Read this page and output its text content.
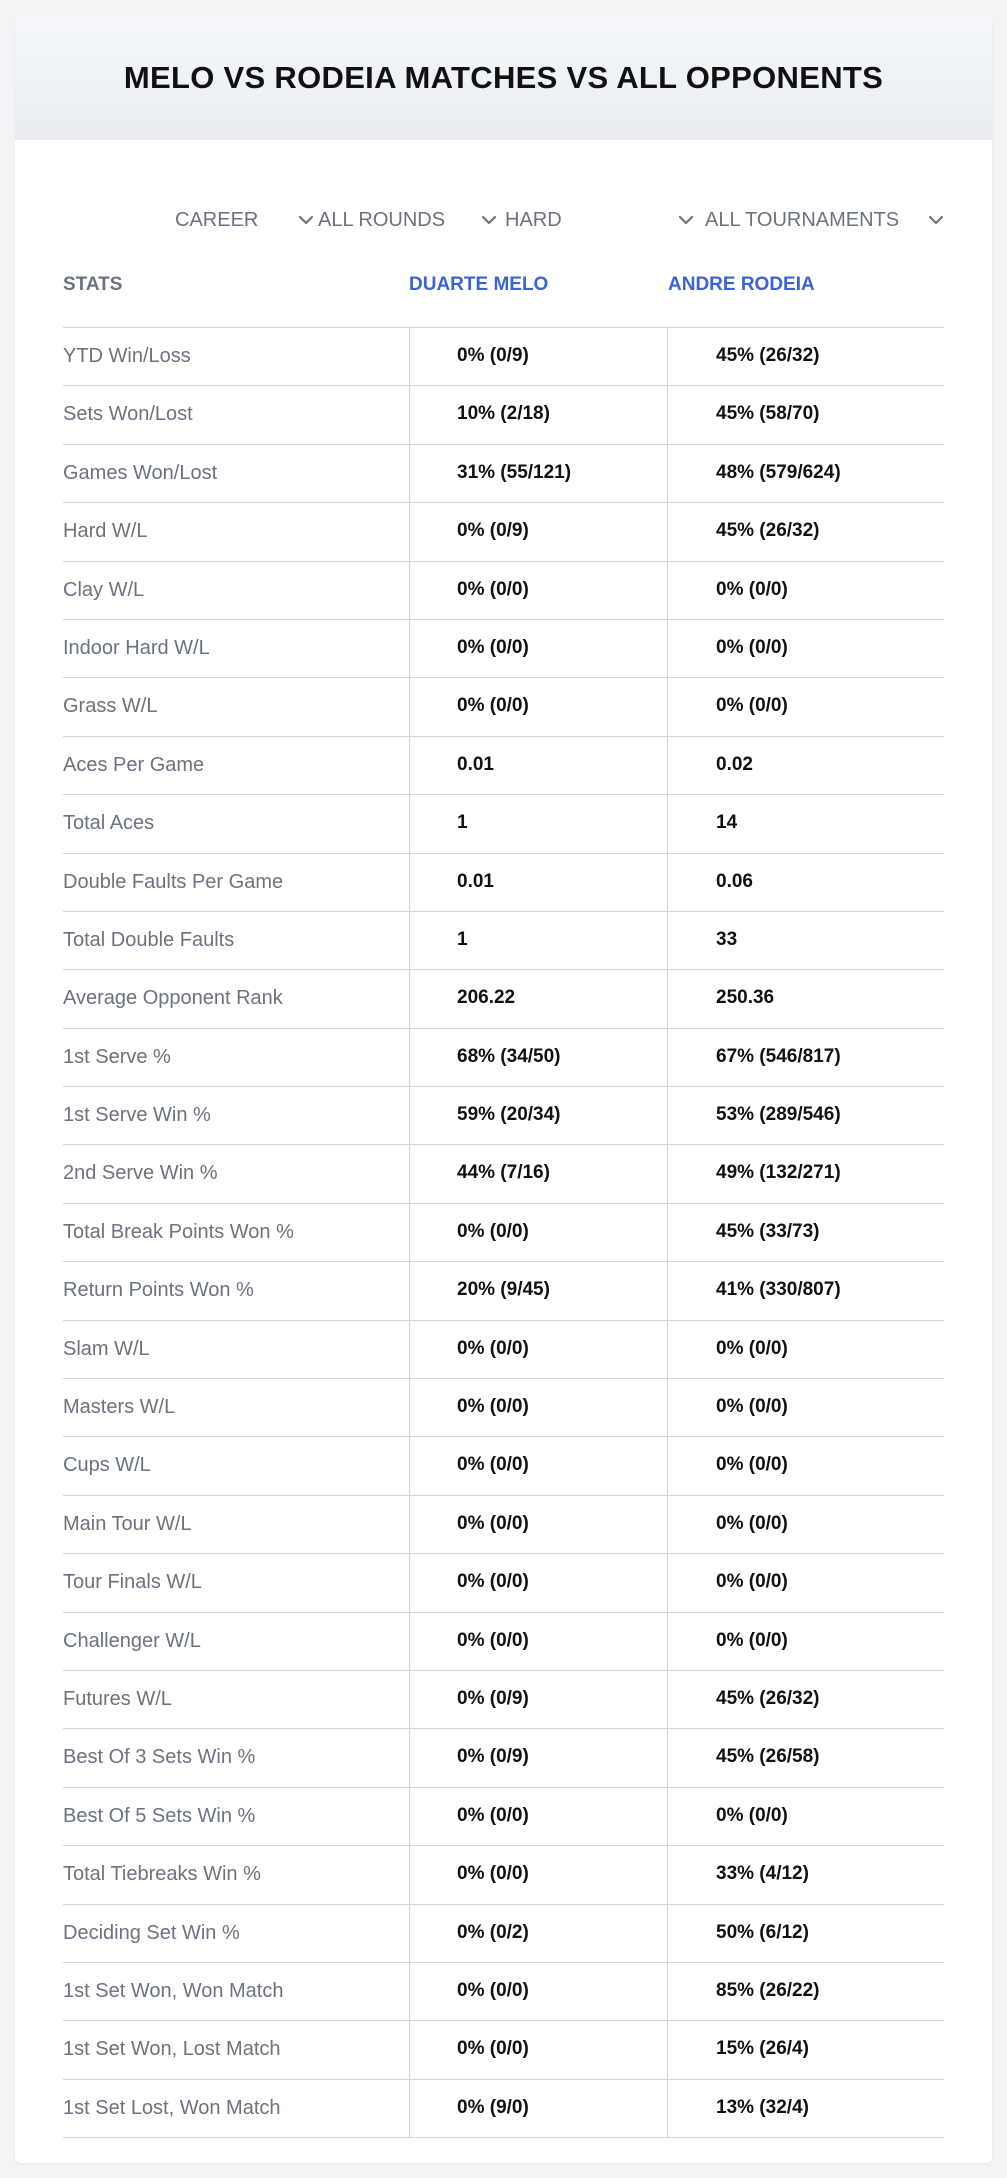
MELO VS RODEIA MATCHES VS ALL OPPONENTS
CAREER	ALL ROUNDS	HARD	ALL TOURNAMENTS
STATS	DUARTE MELO	ANDRE RODEIA
YTD Win/Loss	0% (0/9)	45% (26/32)
Sets Won/Lost	10% (2/18)	45% (58/70)
Games Won/Lost	31% (55/121)	48% (579/624)
Hard W/L	0% (0/9)	45% (26/32)
Clay W/L	0% (0/0)	0% (0/0)
Indoor Hard W/L	0% (0/0)	0% (0/0)
Grass W/L	0% (0/0)	0% (0/0)
Aces Per Game	0.01	0.02
Total Aces	1	14
Double Faults Per Game	0.01	0.06
Total Double Faults	1	33
Average Opponent Rank	206.22	250.36
1st Serve %	68% (34/50)	67% (546/817)
1st Serve Win %	59% (20/34)	53% (289/546)
2nd Serve Win %	44% (7/16)	49% (132/271)
Total Break Points Won %	0% (0/0)	45% (33/73)
Return Points Won %	20% (9/45)	41% (330/807)
Slam W/L	0% (0/0)	0% (0/0)
Masters W/L	0% (0/0)	0% (0/0)
Cups W/L	0% (0/0)	0% (0/0)
Main Tour W/L	0% (0/0)	0% (0/0)
Tour Finals W/L	0% (0/0)	0% (0/0)
Challenger W/L	0% (0/0)	0% (0/0)
Futures W/L	0% (0/9)	45% (26/32)
Best Of 3 Sets Win %	0% (0/9)	45% (26/58)
Best Of 5 Sets Win %	0% (0/0)	0% (0/0)
Total Tiebreaks Win %	0% (0/0)	33% (4/12)
Deciding Set Win %	0% (0/2)	50% (6/12)
1st Set Won, Won Match	0% (0/0)	85% (26/22)
1st Set Won, Lost Match	0% (0/0)	15% (26/4)
1st Set Lost, Won Match	0% (9/0)	13% (32/4)
